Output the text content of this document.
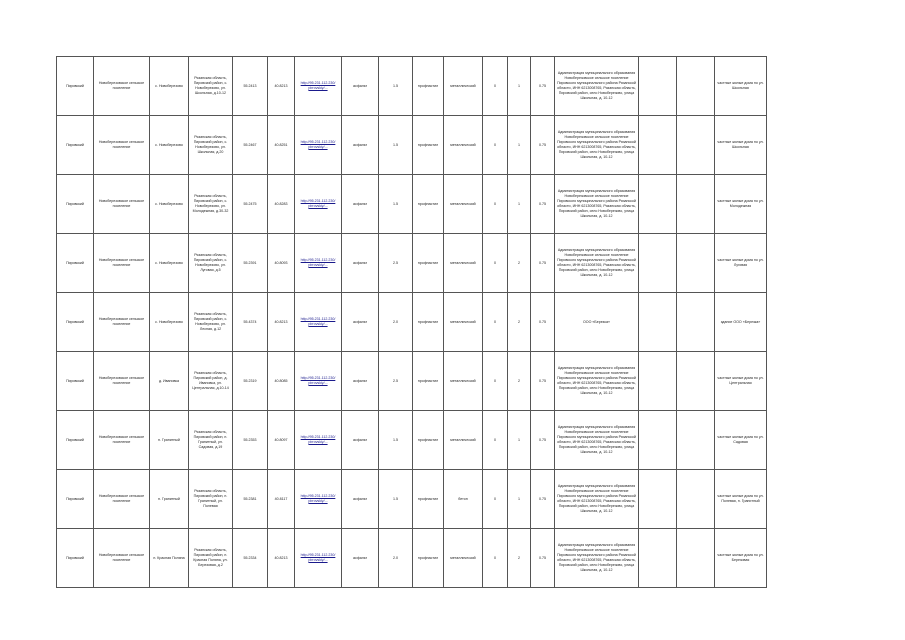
Пировский	Новоберезовское сельское поселение	с. Новоберезово	Рязанская область, Пировский район, с. Новоберезово, ул. Школьная, д.10-12	55.2413	40.8213	http://95.231.112.230/ pirrovskiy/...	асфальт	1.5	профнастил	металлический	0	1	0.75	Администрация муниципального образования Новоберезовское сельское поселение Пировского муниципального района Рязанской области, ИНН 6213008765, Рязанская область, Пировский район, село Новоберезово, улица Школьная, д. 10-12			частные жилые дома по ул. Школьная
Пировский	Новоберезовское сельское поселение	с. Новоберезово	Рязанская область, Пировский район, с. Новоберезово, ул. Школьная, д.20	55.2467	40.8251	http://95.231.112.230/ pirrovskiy/...	асфальт	1.5	профнастил	металлический	0	1	0.75	Администрация муниципального образования Новоберезовское сельское поселение Пировского муниципального района Рязанской области, ИНН 6213008765, Рязанская область, Пировский район, село Новоберезово, улица Школьная, д. 10-12			частные жилые дома по ул. Школьная
Пировский	Новоберезовское сельское поселение	с. Новоберезово	Рязанская область, Пировский район, с. Новоберезово, ул. Молодежная, д.30-32	55.2475	40.8283	http://95.231.112.230/ pirrovskiy/...	асфальт	1.5	профнастил	металлический	0	1	0.75	Администрация муниципального образования Новоберезовское сельское поселение Пировского муниципального района Рязанской области, ИНН 6213008765, Рязанская область, Пировский район, село Новоберезово, улица Школьная, д. 10-12			частные жилые дома по ул. Молодежная
Пировский	Новоберезовское сельское поселение	с. Новоберезово	Рязанская область, Пировский район, с. Новоберезово, ул. Луговая, д.5	55.2391	40.8093	http://95.231.112.230/ pirrovskiy/...	асфальт	2.5	профнастил	металлический	0	2	0.75	Администрация муниципального образования Новоберезовское сельское поселение Пировского муниципального района Рязанской области, ИНН 6213008765, Рязанская область, Пировский район, село Новоберезово, улица Школьная, д. 10-12			частные жилые дома по ул. Луговая
Пировский	Новоберезовское сельское поселение	с. Новоберезово	Рязанская область, Пировский район, с. Новоберезово, ул. Лесная, д.12	55.4374	40.8213	http://95.231.112.230/ pirrovskiy/...	асфальт	2.0	профнастил	металлический	0	2	0.75	ООО «Березка»			здание ООО «Березка»
Пировский	Новоберезовское сельское поселение	д. Ивановка	Рязанская область, Пировский район, д. Ивановка, ул. Центральная, д.10-14	55.2319	40.8085	http://95.231.112.230/ pirrovskiy/...	асфальт	2.5	профнастил	металлический	0	2	0.75	Администрация муниципального образования Новоберезовское сельское поселение Пировского муниципального района Рязанской области, ИНН 6213008765, Рязанская область, Пировский район, село Новоберезово, улица Школьная, д. 10-12			частные жилые дома по ул. Центральная
Пировский	Новоберезовское сельское поселение	п. Гранитный	Рязанская область, Пировский район, п. Гранитный, ул. Садовая, д.19	55.2353	40.8097	http://95.231.112.230/ pirrovskiy/...	асфальт	1.5	профнастил	металлический	0	1	0.75	Администрация муниципального образования Новоберезовское сельское поселение Пировского муниципального района Рязанской области, ИНН 6213008765, Рязанская область, Пировский район, село Новоберезово, улица Школьная, д. 10-12			частные жилые дома по ул. Садовая
Пировский	Новоберезовское сельское поселение	п. Гранитный	Рязанская область, Пировский район, п. Гранитный, ул. Полевая	55.2381	40.8117	http://95.231.112.230/ pirrovskiy/...	асфальт	1.5	профнастил	бетон	0	1	0.75	Администрация муниципального образования Новоберезовское сельское поселение Пировского муниципального района Рязанской области, ИНН 6213008765, Рязанская область, Пировский район, село Новоберезово, улица Школьная, д. 10-12			частные жилые дома по ул. Полевая, п. Гранитный
Пировский	Новоберезовское сельское поселение	п. Красная Поляна	Рязанская область, Пировский район, п. Красная Поляна, ул. Березовая, д.2	55.2334	40.8213	http://95.231.112.230/ pirrovskiy/...	асфальт	2.0	профнастил	металлический	0	2	0.75	Администрация муниципального образования Новоберезовское сельское поселение Пировского муниципального района Рязанской области, ИНН 6213008765, Рязанская область, Пировский район, село Новоберезово, улица Школьная, д. 10-12			частные жилые дома по ул. Березовая
